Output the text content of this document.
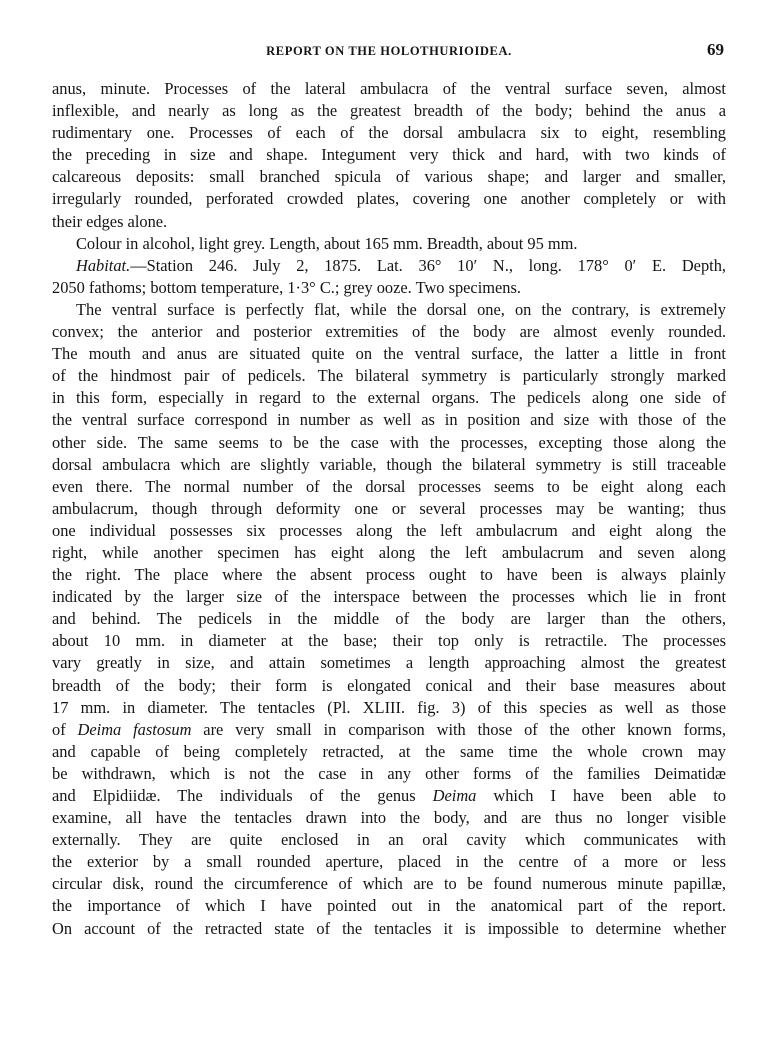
REPORT ON THE HOLOTHURIOIDEA.	69
anus, minute. Processes of the lateral ambulacra of the ventral surface seven, almost
inflexible, and nearly as long as the greatest breadth of the body; behind the anus a
rudimentary one. Processes of each of the dorsal ambulacra six to eight, resembling
the preceding in size and shape. Integument very thick and hard, with two kinds of
calcareous deposits: small branched spicula of various shape; and larger and smaller,
irregularly rounded, perforated crowded plates, covering one another completely or with
their edges alone.
Colour in alcohol, light grey. Length, about 165 mm. Breadth, about 95 mm.
Habitat.—Station 246. July 2, 1875. Lat. 36° 10′ N., long. 178° 0′ E. Depth,
2050 fathoms; bottom temperature, 1·3° C.; grey ooze. Two specimens.
The ventral surface is perfectly flat, while the dorsal one, on the contrary, is extremely
convex; the anterior and posterior extremities of the body are almost evenly rounded.
The mouth and anus are situated quite on the ventral surface, the latter a little in front
of the hindmost pair of pedicels. The bilateral symmetry is particularly strongly marked
in this form, especially in regard to the external organs. The pedicels along one side of
the ventral surface correspond in number as well as in position and size with those of the
other side. The same seems to be the case with the processes, excepting those along the
dorsal ambulacra which are slightly variable, though the bilateral symmetry is still traceable
even there. The normal number of the dorsal processes seems to be eight along each
ambulacrum, though through deformity one or several processes may be wanting; thus
one individual possesses six processes along the left ambulacrum and eight along the
right, while another specimen has eight along the left ambulacrum and seven along
the right. The place where the absent process ought to have been is always plainly
indicated by the larger size of the interspace between the processes which lie in front
and behind. The pedicels in the middle of the body are larger than the others,
about 10 mm. in diameter at the base; their top only is retractile. The processes
vary greatly in size, and attain sometimes a length approaching almost the greatest
breadth of the body; their form is elongated conical and their base measures about
17 mm. in diameter. The tentacles (Pl. XLIII. fig. 3) of this species as well as those
of Deima fastosum are very small in comparison with those of the other known forms,
and capable of being completely retracted, at the same time the whole crown may
be withdrawn, which is not the case in any other forms of the families Deimatidæ
and Elpidiidæ. The individuals of the genus Deima which I have been able to
examine, all have the tentacles drawn into the body, and are thus no longer visible
externally. They are quite enclosed in an oral cavity which communicates with
the exterior by a small rounded aperture, placed in the centre of a more or less
circular disk, round the circumference of which are to be found numerous minute papillæ,
the importance of which I have pointed out in the anatomical part of the report.
On account of the retracted state of the tentacles it is impossible to determine whether
